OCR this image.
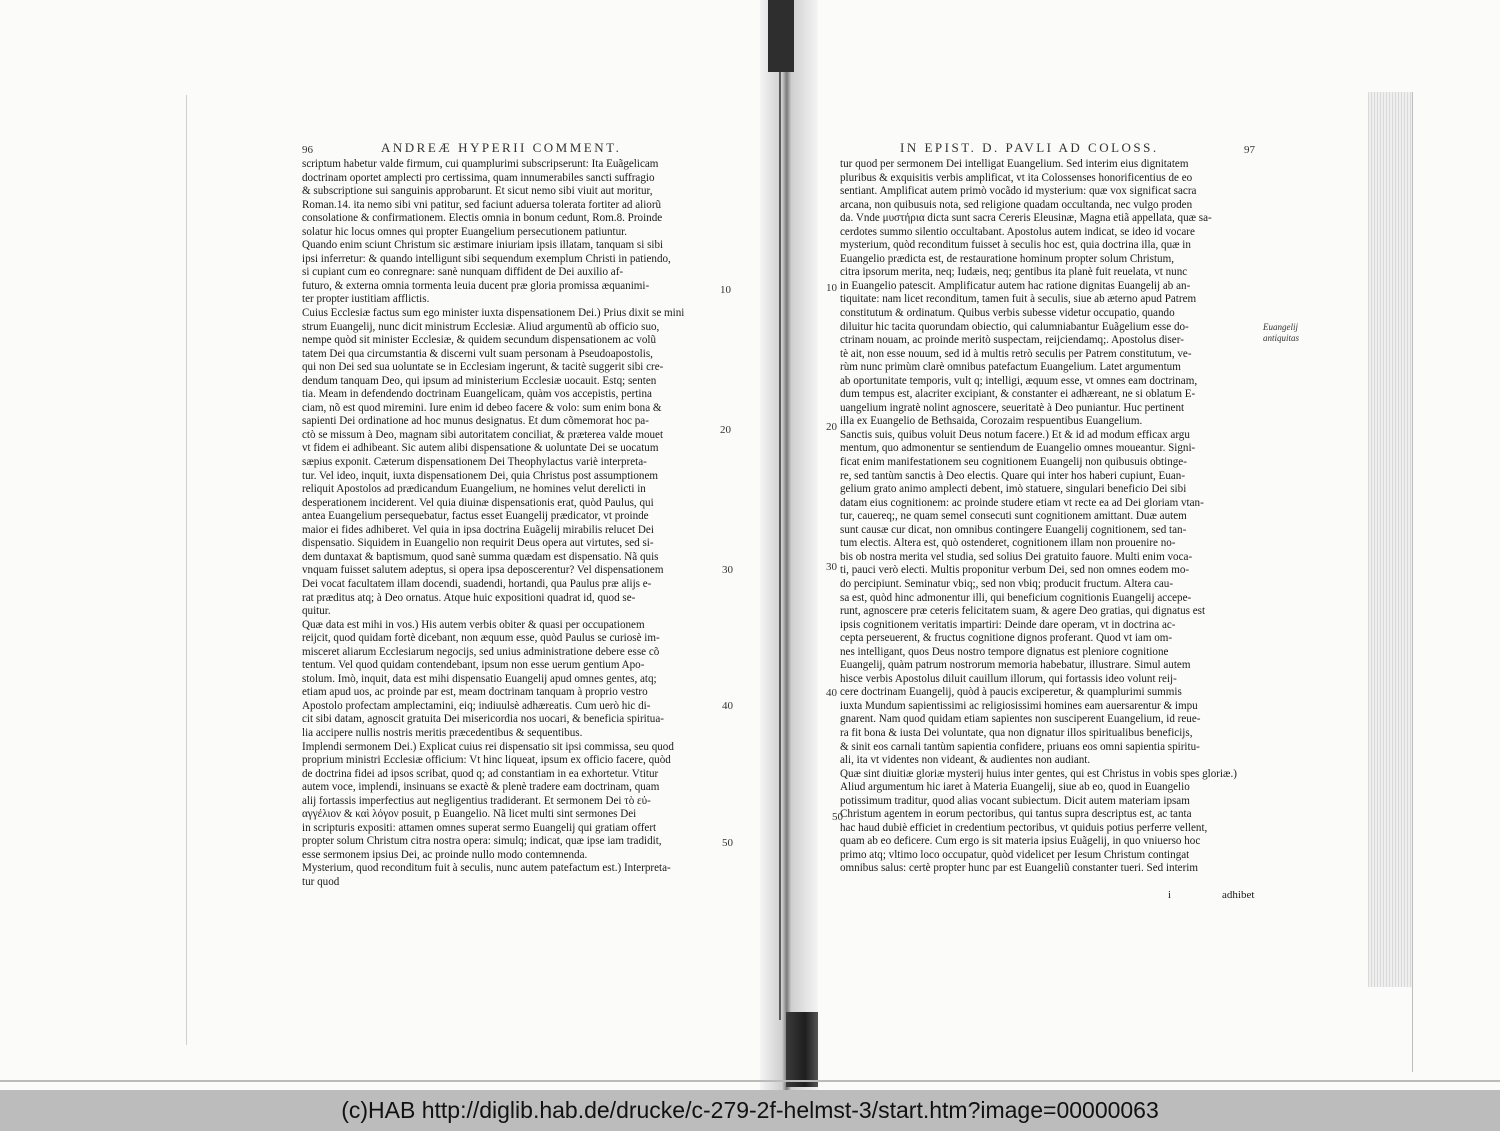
96	ANDREÆ HYPERII COMMENT.	IN EPIST. D. PAVLI AD COLOSS.	97
scriptum habetur valde firmum, cui quamplurimi subscripserunt: Ita Euãgelicam
doctrinam oportet amplecti pro certissima, quam innumerabiles sancti suffragio
& subscriptione sui sanguinis approbarunt. Et sicut nemo sibi viuit aut moritur,
Roman.14. ita nemo sibi vni patitur, sed faciunt aduersa tolerata fortiter ad aliorũ
consolatione & confirmationem. Electis omnia in bonum cedunt, Rom.8. Proinde
solatur hic locus omnes qui propter Euangelium persecutionem patiuntur.
Quando enim sciunt Christum sic æstimare iniuriam ipsis illatam, tanquam si sibi
ipsi inferretur: & quando intelligunt sibi sequendum exemplum Christi in patiendo,
si cupiant cum eo conregnare: sanè nunquam diffident de Dei auxilio af-
futuro, & externa omnia tormenta leuia ducent præ gloria promissa æquanimi-
ter propter iustitiam afflictis.
Cuius Ecclesiæ factus sum ego minister iuxta dispensationem Dei.) Prius dixit se mini
strum Euangelij, nunc dicit ministrum Ecclesiæ. Aliud argumentũ ab officio suo,
nempe quòd sit minister Ecclesiæ, & quidem secundum dispensationem ac volũ
tatem Dei qua circumstantia & discerni vult suam personam à Pseudoapostolis,
qui non Dei sed sua uoluntate se in Ecclesiam ingerunt, & tacitè suggerit sibi cre-
dendum tanquam Deo, qui ipsum ad ministerium Ecclesiæ uocauit. Estq; senten
tia. Meam in defendendo doctrinam Euangelicam, quàm vos accepistis, pertina
ciam, nõ est quod miremini. Iure enim id debeo facere & volo: sum enim bona &
sapienti Dei ordinatione ad hoc munus designatus. Et dum cõmemorat hoc pa-
ctò se missum à Deo, magnam sibi autoritatem conciliat, & præterea valde mouet
vt fidem ei adhibeant. Sic autem alibi dispensatione & uoluntate Dei se uocatum
sæpius exponit. Cæterum dispensationem Dei Theophylactus variè interpreta-
tur. Vel ideo, inquit, iuxta dispensationem Dei, quia Christus post assumptionem
reliquit Apostolos ad prædicandum Euangelium, ne homines velut derelicti in
desperationem inciderent. Vel quia diuinæ dispensationis erat, quòd Paulus, qui
antea Euangelium persequebatur, factus esset Euangelij prædicator, vt proinde
maior ei fides adhiberet. Vel quia in ipsa doctrina Euãgelij mirabilis relucet Dei
dispensatio. Siquidem in Euangelio non requirit Deus opera aut virtutes, sed si-
dem duntaxat & baptismum, quod sanè summa quædam est dispensatio. Nã quis
vnquam fuisset salutem adeptus, si opera ipsa deposcerentur? Vel dispensationem
Dei vocat facultatem illam docendi, suadendi, hortandi, qua Paulus præ alijs e-
rat præditus atq; à Deo ornatus. Atque huic expositioni quadrat id, quod se-
quitur.
Quæ data est mihi in vos.) His autem verbis obiter & quasi per occupationem
reijcit, quod quidam fortè dicebant, non æquum esse, quòd Paulus se curiosè im-
misceret aliarum Ecclesiarum negocijs, sed unius administratione debere esse cõ
tentum. Vel quod quidam contendebant, ipsum non esse uerum gentium Apo-
stolum. Imò, inquit, data est mihi dispensatio Euangelij apud omnes gentes, atq;
etiam apud uos, ac proinde par est, meam doctrinam tanquam à proprio vestro
Apostolo profectam amplectamini, eiq; indiuulsè adhæreatis. Cum uerò hic di-
cit sibi datam, agnoscit gratuita Dei misericordia nos uocari, & beneficia spiritua-
lia accipere nullis nostris meritis præcedentibus & sequentibus.
Implendi sermonem Dei.) Explicat cuius rei dispensatio sit ipsi commissa, seu quod
proprium ministri Ecclesiæ officium: Vt hinc liqueat, ipsum ex officio facere, quòd
de doctrina fidei ad ipsos scribat, quod q; ad constantiam in ea exhortetur. Vtitur
autem voce, implendi, insinuans se exactè & plenè tradere eam doctrinam, quam
alij fortassis imperfectius aut negligentius tradiderant. Et sermonem Dei τὸ εὐ-
αγγέλιον & καὶ λόγον posuit, p Euangelio. Nã licet multi sint sermones Dei
in scripturis expositi: attamen omnes superat sermo Euangelij qui gratiam offert
propter solum Christum citra nostra opera: simulq; indicat, quæ ipse iam tradidit,
esse sermonem ipsius Dei, ac proinde nullo modo contemnenda.
Mysterium, quod reconditum fuit à seculis, nunc autem patefactum est.) Interpreta-
tur quod
tur quod per sermonem Dei intelligat Euangelium. Sed interim eius dignitatem
pluribus & exquisitis verbis amplificat, vt ita Colossenses honorificentius de eo
sentiant. Amplificat autem primò vocãdo id mysterium: quæ vox significat sacra
arcana, non quibusuis nota, sed religione quadam occultanda, nec vulgo proden
da. Vnde μυστήρια dicta sunt sacra Cereris Eleusinæ, Magna etiã appellata, quæ sa-
cerdotes summo silentio occultabant. Apostolus autem indicat, se ideo id vocare
mysterium, quòd reconditum fuisset à seculis hoc est, quia doctrina illa, quæ in
Euangelio prædicta est, de restauratione hominum propter solum Christum,
citra ipsorum merita, neq; Iudæis, neq; gentibus ita planè fuit reuelata, vt nunc
in Euangelio patescit. Amplificatur autem hac ratione dignitas Euangelij ab an-
tiquitate: nam licet reconditum, tamen fuit à seculis, siue ab æterno apud Patrem
constitutum & ordinatum. Quibus verbis subesse videtur occupatio, quando
diluitur hic tacita quorundam obiectio, qui calumniabantur Euãgelium esse do-
ctrinam nouam, ac proinde meritò suspectam, reijciendamq;. Apostolus diser-
tè ait, non esse nouum, sed id à multis retrò seculis per Patrem constitutum, ve-
rùm nunc primùm clarè omnibus patefactum Euangelium. Latet argumentum
ab oportunitate temporis, vult q; intelligi, æquum esse, vt omnes eam doctrinam,
dum tempus est, alacriter excipiant, & constanter ei adhæreant, ne si oblatum E-
uangelium ingratè nolint agnoscere, seueritatè à Deo puniantur. Huc pertinent
illa ex Euangelio de Bethsaida, Corozaim respuentibus Euangelium.
Sanctis suis, quibus voluit Deus notum facere.) Et & id ad modum efficax argu
mentum, quo admonentur se sentiendum de Euangelio omnes moueantur. Signi-
ficat enim manifestationem seu cognitionem Euangelij non quibusuis obtinge-
re, sed tantùm sanctis à Deo electis. Quare qui inter hos haberi cupiunt, Euan-
gelium grato animo amplecti debent, imò statuere, singulari beneficio Dei sibi
datam eius cognitionem: ac proinde studere etiam vt recte ea ad Dei gloriam vtan-
tur, cauereq;, ne quam semel consecuti sunt cognitionem amittant. Duæ autem
sunt causæ cur dicat, non omnibus contingere Euangelij cognitionem, sed tan-
tum electis. Altera est, quò ostenderet, cognitionem illam non prouenire no-
bis ob nostra merita vel studia, sed solius Dei gratuito fauore. Multi enim voca-
ti, pauci verò electi. Multis proponitur verbum Dei, sed non omnes eodem mo-
do percipiunt. Seminatur vbiq;, sed non vbiq; producit fructum. Altera cau-
sa est, quòd hinc admonentur illi, qui beneficium cognitionis Euangelij accepe-
runt, agnoscere præ ceteris felicitatem suam, & agere Deo gratias, qui dignatus est
ipsis cognitionem veritatis impartiri: Deinde dare operam, vt in doctrina ac-
cepta perseuerent, & fructus cognitione dignos proferant. Quod vt iam om-
nes intelligant, quos Deus nostro tempore dignatus est pleniore cognitione
Euangelij, quàm patrum nostrorum memoria habebatur, illustrare. Simul autem
hisce verbis Apostolus diluit cauillum illorum, qui fortassis ideo volunt reij-
cere doctrinam Euangelij, quòd à paucis exciperetur, & quamplurimi summis
iuxta Mundum sapientissimi ac religiosissimi homines eam auersarentur & impu
gnarent. Nam quod quidam etiam sapientes non susciperent Euangelium, id reue-
ra fit bona & iusta Dei voluntate, qua non dignatur illos spiritualibus beneficijs,
& sinit eos carnali tantùm sapientia confidere, priuans eos omni sapientia spiritu-
ali, ita vt videntes non videant, & audientes non audiant.
Quæ sint diuitiæ gloriæ mysterij huius inter gentes, qui est Christus in vobis spes gloriæ.)
Aliud argumentum hic iaret à Materia Euangelij, siue ab eo, quod in Euangelio
potissimum traditur, quod alias vocant subiectum. Dicit autem materiam ipsam
Christum agentem in eorum pectoribus, qui tantus supra descriptus est, ac tanta
hac haud dubiè efficiet in credentium pectoribus, vt quiduis potius perferre vellent,
quam ab eo deficere. Cum ergo is sit materia ipsius Euãgelij, in quo vniuerso hoc
primo atq; vltimo loco occupatur, quòd videlicet per Iesum Christum contingat
omnibus salus: certè propter hunc par est Euangeliũ constanter tueri. Sed interim
10
20
30
40
50
10
20
30
40
50
Euangelij
antiquitas
i	adhibet
(c)HAB http://diglib.hab.de/drucke/c-279-2f-helmst-3/start.htm?image=00000063
